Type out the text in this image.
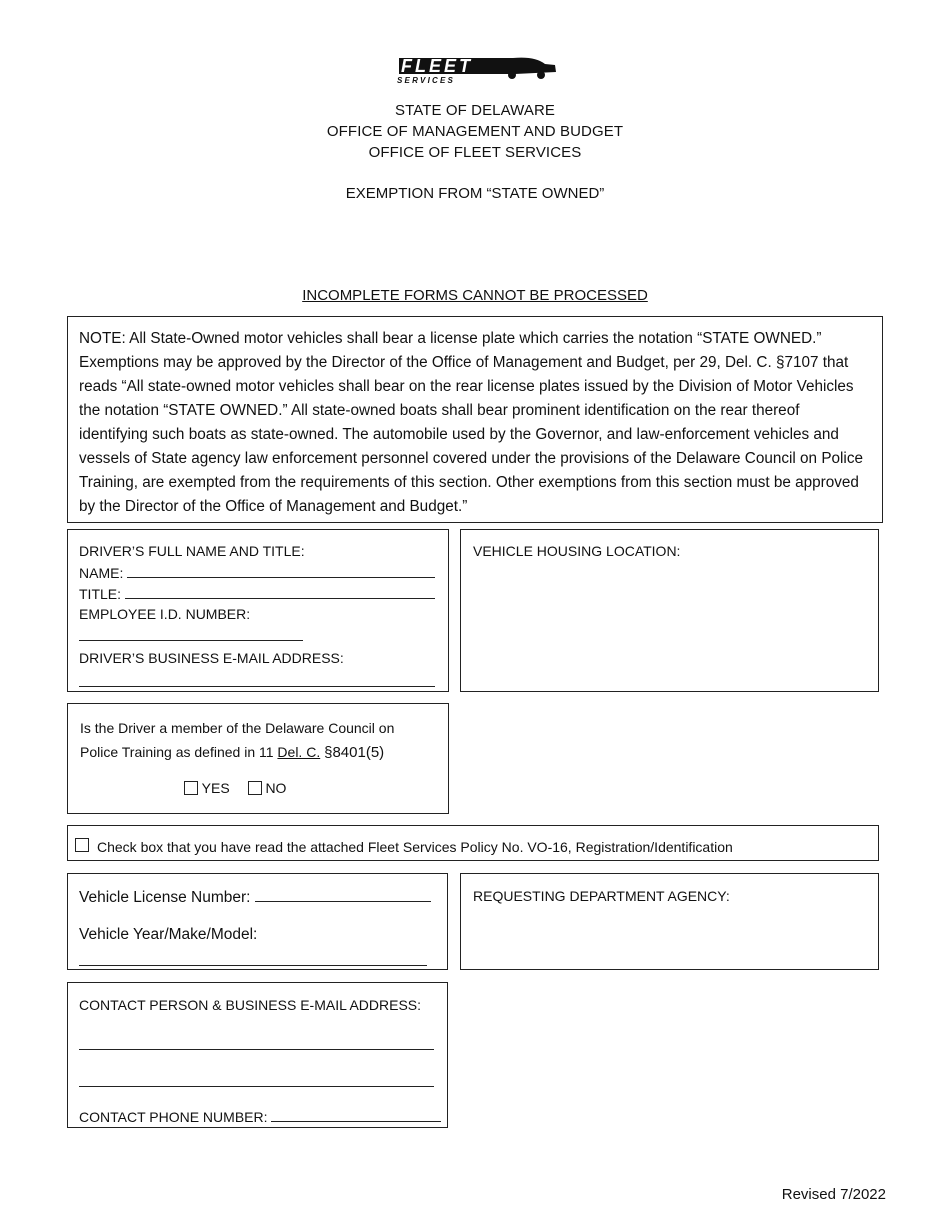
FLEET
SERVICES
STATE OF DELAWARE
OFFICE OF MANAGEMENT AND BUDGET
OFFICE OF FLEET SERVICES
EXEMPTION FROM “STATE OWNED”
INCOMPLETE FORMS CANNOT BE PROCESSED
NOTE: All State-Owned motor vehicles shall bear a license plate which carries the notation “STATE OWNED.” Exemptions may be approved by the Director of the Office of Management and Budget, per 29, Del. C. §7107 that reads “All state-owned motor vehicles shall bear on the rear license plates issued by the Division of Motor Vehicles the notation “STATE OWNED.” All state-owned boats shall bear prominent identification on the rear thereof identifying such boats as state-owned. The automobile used by the Governor, and law-enforcement vehicles and vessels of State agency law enforcement personnel covered under the provisions of the Delaware Council on Police Training, are exempted from the requirements of this section. Other exemptions from this section must be approved by the Director of the Office of Management and Budget.”
DRIVER’S FULL NAME AND TITLE:
NAME:
TITLE:
EMPLOYEE I.D. NUMBER:
DRIVER’S BUSINESS E-MAIL ADDRESS:
VEHICLE HOUSING LOCATION:
Is the Driver a member of the Delaware Council on
Police Training as defined in 11 Del. C. §8401(5)
YES	NO
Check box that you have read the attached Fleet Services Policy No. VO-16, Registration/Identification
Vehicle License Number:
Vehicle Year/Make/Model:
REQUESTING DEPARTMENT AGENCY:
CONTACT PERSON & BUSINESS E-MAIL ADDRESS:
CONTACT PHONE NUMBER:
Revised 7/2022
